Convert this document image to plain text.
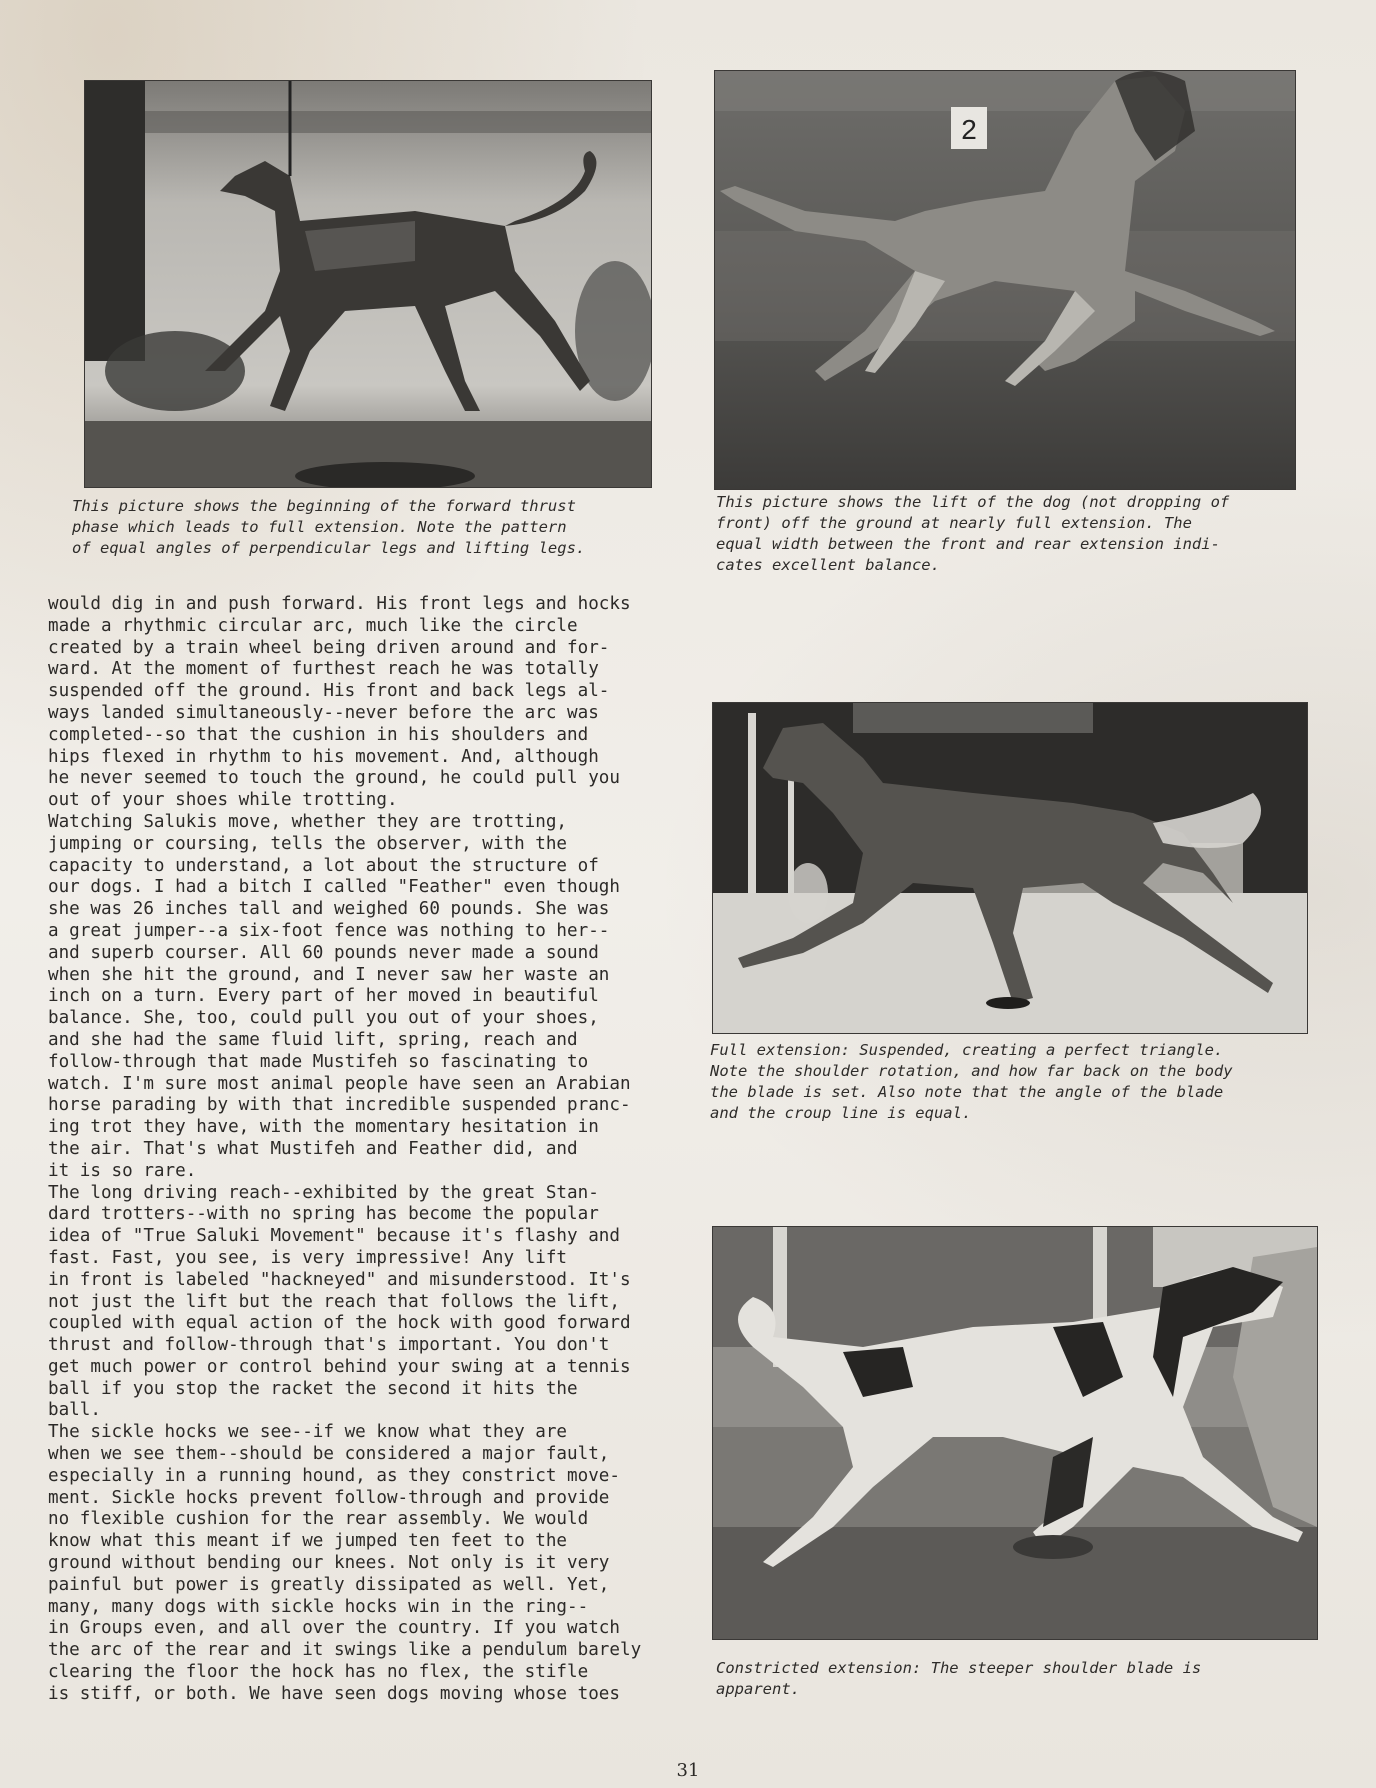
This picture shows the beginning of the forward thrust
phase which leads to full extension. Note the pattern
of equal angles of perpendicular legs and lifting legs.
2
This picture shows the lift of the dog (not dropping of
front) off the ground at nearly full extension. The
equal width between the front and rear extension indi-
cates excellent balance.
Full extension: Suspended, creating a perfect triangle.
Note the shoulder rotation, and how far back on the body
the blade is set. Also note that the angle of the blade
and the croup line is equal.
Constricted extension: The steeper shoulder blade is
apparent.

would dig in and push forward. His front legs and hocks
made a rhythmic circular arc, much like the circle
created by a train wheel being driven around and for-
ward. At the moment of furthest reach he was totally
suspended off the ground. His front and back legs al-
ways landed simultaneously--never before the arc was
completed--so that the cushion in his shoulders and
hips flexed in rhythm to his movement. And, although
he never seemed to touch the ground, he could pull you
out of your shoes while trotting.

Watching Salukis move, whether they are trotting,
jumping or coursing, tells the observer, with the
capacity to understand, a lot about the structure of
our dogs. I had a bitch I called "Feather" even though
she was 26 inches tall and weighed 60 pounds. She was
a great jumper--a six-foot fence was nothing to her--
and superb courser. All 60 pounds never made a sound
when she hit the ground, and I never saw her waste an
inch on a turn. Every part of her moved in beautiful
balance. She, too, could pull you out of your shoes,
and she had the same fluid lift, spring, reach and
follow-through that made Mustifeh so fascinating to
watch. I'm sure most animal people have seen an Arabian
horse parading by with that incredible suspended pranc-
ing trot they have, with the momentary hesitation in
the air. That's what Mustifeh and Feather did, and
it is so rare.

The long driving reach--exhibited by the great Stan-
dard trotters--with no spring has become the popular
idea of "True Saluki Movement" because it's flashy and
fast. Fast, you see, is very impressive! Any lift
in front is labeled "hackneyed" and misunderstood. It's
not just the lift but the reach that follows the lift,
coupled with equal action of the hock with good forward
thrust and follow-through that's important. You don't
get much power or control behind your swing at a tennis
ball if you stop the racket the second it hits the
ball.

The sickle hocks we see--if we know what they are
when we see them--should be considered a major fault,
especially in a running hound, as they constrict move-
ment. Sickle hocks prevent follow-through and provide
no flexible cushion for the rear assembly. We would
know what this meant if we jumped ten feet to the
ground without bending our knees. Not only is it very
painful but power is greatly dissipated as well. Yet,
many, many dogs with sickle hocks win in the ring--
in Groups even, and all over the country. If you watch
the arc of the rear and it swings like a pendulum barely
clearing the floor the hock has no flex, the stifle
is stiff, or both. We have seen dogs moving whose toes

31
